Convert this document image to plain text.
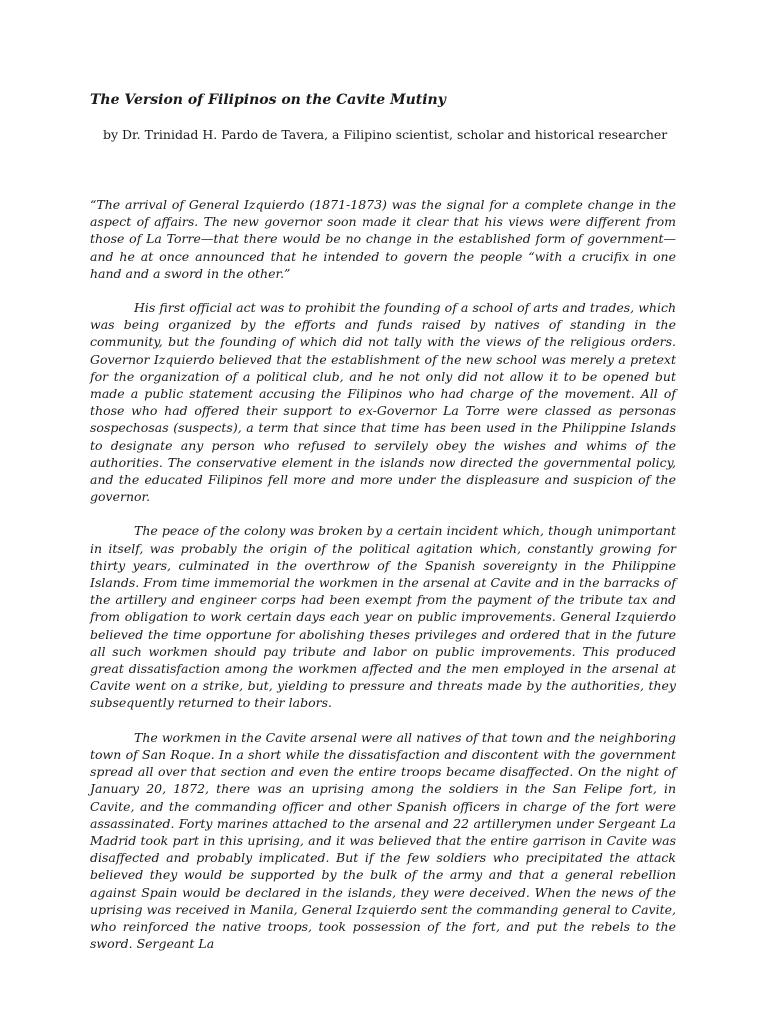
The Version of Filipinos on the Cavite Mutiny

by Dr. Trinidad H. Pardo de Tavera, a Filipino scientist, scholar and historical researcher

“The arrival of General Izquierdo (1871-1873) was the signal for a complete change in the aspect of affairs. The new governor soon made it clear that his views were different from those of La Torre—that there would be no change in the established form of government—and he at once announced that he intended to govern the people “with a crucifix in one hand and a sword in the other.”

His first official act was to prohibit the founding of a school of arts and trades, which was being organized by the efforts and funds raised by natives of standing in the community, but the founding of which did not tally with the views of the religious orders. Governor Izquierdo believed that the establishment of the new school was merely a pretext for the organization of a political club, and he not only did not allow it to be opened but made a public statement accusing the Filipinos who had charge of the movement. All of those who had offered their support to ex-Governor La Torre were classed as personas sospechosas (suspects), a term that since that time has been used in the Philippine Islands to designate any person who refused to servilely obey the wishes and whims of the authorities. The conservative element in the islands now directed the governmental policy, and the educated Filipinos fell more and more under the displeasure and suspicion of the governor.

The peace of the colony was broken by a certain incident which, though unimportant in itself, was probably the origin of the political agitation which, constantly growing for thirty years, culminated in the overthrow of the Spanish sovereignty in the Philippine Islands. From time immemorial the workmen in the arsenal at Cavite and in the barracks of the artillery and engineer corps had been exempt from the payment of the tribute tax and from obligation to work certain days each year on public improvements. General Izquierdo believed the time opportune for abolishing theses privileges and ordered that in the future all such workmen should pay tribute and labor on public improvements. This produced great dissatisfaction among the workmen affected and the men employed in the arsenal at Cavite went on a strike, but, yielding to pressure and threats made by the authorities, they subsequently returned to their labors.

The workmen in the Cavite arsenal were all natives of that town and the neighboring town of San Roque. In a short while the dissatisfaction and discontent with the government spread all over that section and even the entire troops became disaffected. On the night of January 20, 1872, there was an uprising among the soldiers in the San Felipe fort, in Cavite, and the commanding officer and other Spanish officers in charge of the fort were assassinated. Forty marines attached to the arsenal and 22 artillerymen under Sergeant La Madrid took part in this uprising, and it was believed that the entire garrison in Cavite was disaffected and probably implicated. But if the few soldiers who precipitated the attack believed they would be supported by the bulk of the army and that a general rebellion against Spain would be declared in the islands, they were deceived. When the news of the uprising was received in Manila, General Izquierdo sent the commanding general to Cavite, who reinforced the native troops, took possession of the fort, and put the rebels to the sword. Sergeant La
